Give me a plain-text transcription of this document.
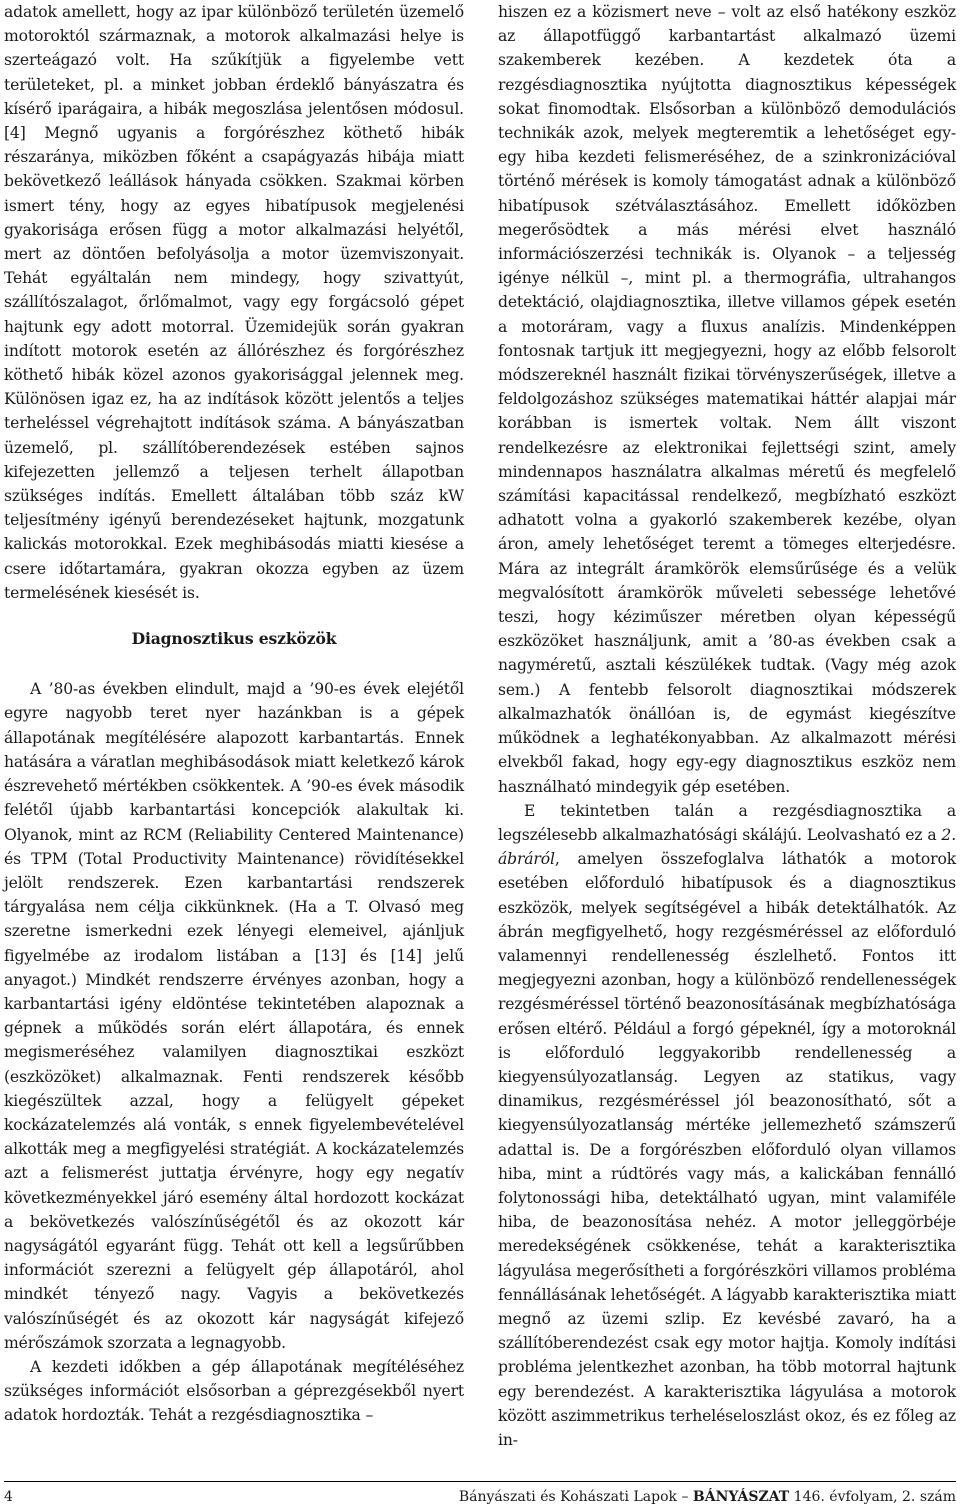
adatok amellett, hogy az ipar különböző területén üzemelő motoroktól származnak, a motorok alkalmazási helye is szerteágazó volt. Ha szűkítjük a figyelembe vett területeket, pl. a minket jobban érdeklő bányászatra és kísérő iparágaira, a hibák megoszlása jelentősen módosul. [4] Megnő ugyanis a forgórészhez köthető hibák részaránya, miközben főként a csapágyazás hibája miatt bekövetkező leállások hányada csökken. Szakmai körben ismert tény, hogy az egyes hibatípusok megjelenési gyakorisága erősen függ a motor alkalmazási helyétől, mert az döntően befolyásolja a motor üzemviszonyait. Tehát egyáltalán nem mindegy, hogy szivattyút, szállítószalagot, őrlőmalmot, vagy egy forgácsoló gépet hajtunk egy adott motorral. Üzemidejük során gyakran indított motorok esetén az állórészhez és forgórészhez köthető hibák közel azonos gyakorisággal jelennek meg. Különösen igaz ez, ha az indítások között jelentős a teljes terheléssel végrehajtott indítások száma. A bányászatban üzemelő, pl. szállítóberendezések estében sajnos kifejezetten jellemző a teljesen terhelt állapotban szükséges indítás. Emellett általában több száz kW teljesítmény igényű berendezéseket hajtunk, mozgatunk kalickás motorokkal. Ezek meghibásodás miatti kiesése a csere időtartamára, gyakran okozza egyben az üzem termelésének kiesését is.

Diagnosztikus eszközök

A ’80-as években elindult, majd a ’90-es évek elejétől egyre nagyobb teret nyer hazánkban is a gépek állapotának megítélésére alapozott karbantartás. Ennek hatására a váratlan meghibásodások miatt keletkező károk észrevehető mértékben csökkentek. A ’90-es évek második felétől újabb karbantartási koncepciók alakultak ki. Olyanok, mint az RCM (Reliability Centered Maintenance) és TPM (Total Productivity Maintenance) rövidítésekkel jelölt rendszerek. Ezen karbantartási rendszerek tárgyalása nem célja cikkünknek. (Ha a T. Olvasó meg szeretne ismerkedni ezek lényegi elemeivel, ajánljuk figyelmébe az irodalom listában a [13] és [14] jelű anyagot.) Mindkét rendszerre érvényes azonban, hogy a karbantartási igény eldöntése tekintetében alapoznak a gépnek a működés során elért állapotára, és ennek megismeréséhez valamilyen diagnosztikai eszközt (eszközöket) alkalmaznak. Fenti rendszerek később kiegészültek azzal, hogy a felügyelt gépeket kockázatelemzés alá vonták, s ennek figyelembevételével alkották meg a megfigyelési stratégiát. A kockázatelemzés azt a felismerést juttatja érvényre, hogy egy negatív következményekkel járó esemény által hordozott kockázat a bekövetkezés valószínűségétől és az okozott kár nagyságától egyaránt függ. Tehát ott kell a legsűrűbben információt szerezni a felügyelt gép állapotáról, ahol mindkét tényező nagy. Vagyis a bekövetkezés valószínűségét és az okozott kár nagyságát kifejező mérőszámok szorzata a legnagyobb.

A kezdeti időkben a gép állapotának megítéléséhez szükséges információt elsősorban a géprezgésekből nyert adatok hordozták. Tehát a rezgésdiagnosztika –

hiszen ez a közismert neve – volt az első hatékony eszköz az állapotfüggő karbantartást alkalmazó üzemi szakemberek kezében. A kezdetek óta a rezgésdiagnosztika nyújtotta diagnosztikus képességek sokat finomodtak. Elsősorban a különböző demodulációs technikák azok, melyek megteremtik a lehetőséget egy-egy hiba kezdeti felismeréséhez, de a szinkronizációval történő mérések is komoly támogatást adnak a különböző hibatípusok szétválasztásához. Emellett időközben megerősödtek a más mérési elvet használó információszerzési technikák is. Olyanok – a teljesség igénye nélkül –, mint pl. a thermográfia, ultrahangos detektáció, olajdiagnosztika, illetve villamos gépek esetén a motoráram, vagy a fluxus analízis. Mindenképpen fontosnak tartjuk itt megjegyezni, hogy az előbb felsorolt módszereknél használt fizikai törvényszerűségek, illetve a feldolgozáshoz szükséges matematikai háttér alapjai már korábban is ismertek voltak. Nem állt viszont rendelkezésre az elektronikai fejlettségi szint, amely mindennapos használatra alkalmas méretű és megfelelő számítási kapacitással rendelkező, megbízható eszközt adhatott volna a gyakorló szakemberek kezébe, olyan áron, amely lehetőséget teremt a tömeges elterjedésre. Mára az integrált áramkörök elemsűrűsége és a velük megvalósított áramkörök műveleti sebessége lehetővé teszi, hogy kéziműszer méretben olyan képességű eszközöket használjunk, amit a ’80-as években csak a nagyméretű, asztali készülékek tudtak. (Vagy még azok sem.) A fentebb felsorolt diagnosztikai módszerek alkalmazhatók önállóan is, de egymást kiegészítve működnek a leghatékonyabban. Az alkalmazott mérési elvekből fakad, hogy egy-egy diagnosztikus eszköz nem használható mindegyik gép esetében.

E tekintetben talán a rezgésdiagnosztika a legszélesebb alkalmazhatósági skálájú. Leolvasható ez a 2. ábráról, amelyen összefoglalva láthatók a motorok esetében előforduló hibatípusok és a diagnosztikus eszközök, melyek segítségével a hibák detektálhatók. Az ábrán megfigyelhető, hogy rezgésméréssel az előforduló valamennyi rendellenesség észlelhető. Fontos itt megjegyezni azonban, hogy a különböző rendellenességek rezgésméréssel történő beazonosításának megbízhatósága erősen eltérő. Például a forgó gépeknél, így a motoroknál is előforduló leggyakoribb rendellenesség a kiegyensúlyozatlanság. Legyen az statikus, vagy dinamikus, rezgésméréssel jól beazonosítható, sőt a kiegyensúlyozatlanság mértéke jellemezhető számszerű adattal is. De a forgórészben előforduló olyan villamos hiba, mint a rúdtörés vagy más, a kalickában fennálló folytonossági hiba, detektálható ugyan, mint valamiféle hiba, de beazonosítása nehéz. A motor jelleggörbéje meredekségének csökkenése, tehát a karakterisztika lágyulása megerősítheti a forgórészköri villamos probléma fennállásának lehetőségét. A lágyabb karakterisztika miatt megnő az üzemi szlip. Ez kevésbé zavaró, ha a szállítóberendezést csak egy motor hajtja. Komoly indítási probléma jelentkezhet azonban, ha több motorral hajtunk egy berendezést. A karakterisztika lágyulása a motorok között aszimmetrikus terheléseloszlást okoz, és ez főleg az in-

4	Bányászati és Kohászati Lapok – BÁNYÁSZAT 146. évfolyam, 2. szám
